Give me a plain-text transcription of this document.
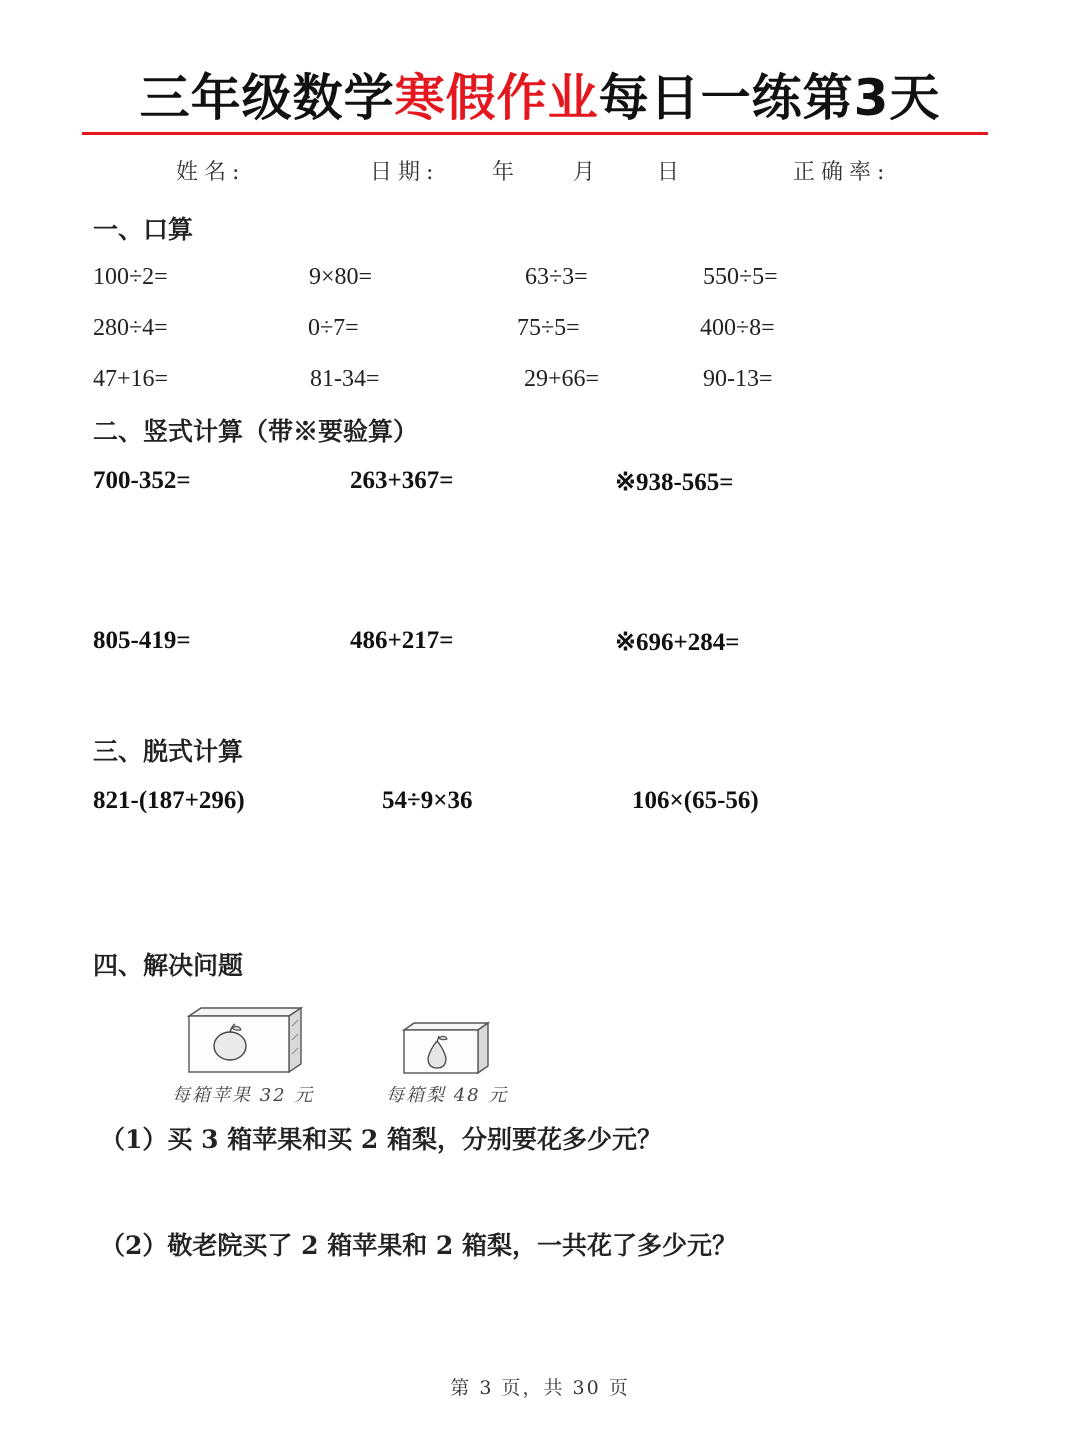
三年级数学寒假作业每日一练第3天
姓名:	日期: 年 月	日	正确率:
一、口算
100÷2=	9×80=	63÷3=	550÷5=
280÷4=	0÷7=	75÷5=	400÷8=
47+16=	81-34=	29+66=	90-13=
二、竖式计算（带※要验算）
700-352=	263+367=	※938-565=
805-419=	486+217=	※696+284=
三、脱式计算
821-(187+296)	54÷9×36	106×(65-56)
四、解决问题
每箱苹果 32 元	每箱梨 48 元
（1）买 3 箱苹果和买 2 箱梨，分别要花多少元？
（2）敬老院买了 2 箱苹果和 2 箱梨，一共花了多少元？
第 3 页，共 30 页
